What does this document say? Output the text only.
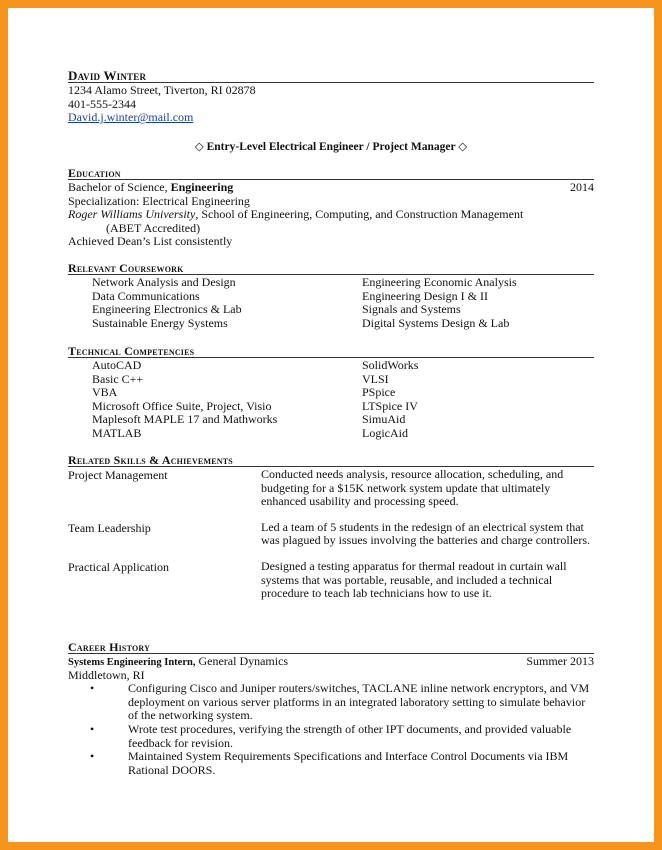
David Winter
1234 Alamo Street, Tiverton, RI 02878
401-555-2344
David.j.winter@mail.com
◇ Entry-Level Electrical Engineer / Project Manager ◇
Education
Bachelor of Science, Engineering	2014
Specialization: Electrical Engineering
Roger Williams University, School of Engineering, Computing, and Construction Management
(ABET Accredited)
Achieved Dean’s List consistently
Relevant Coursework
Network Analysis and Design	Engineering Economic Analysis
Data Communications	Engineering Design I & II
Engineering Electronics & Lab	Signals and Systems
Sustainable Energy Systems	Digital Systems Design & Lab
Technical Competencies
AutoCAD	SolidWorks
Basic C++	VLSI
VBA	PSpice
Microsoft Office Suite, Project, Visio	LTSpice IV
Maplesoft MAPLE 17 and Mathworks	SimuAid
MATLAB	LogicAid
Related Skills & Achievements
Project Management	Conducted needs analysis, resource allocation, scheduling, and budgeting for a $15K network system update that ultimately enhanced usability and processing speed.
Team Leadership	Led a team of 5 students in the redesign of an electrical system that was plagued by issues involving the batteries and charge controllers.
Practical Application	Designed a testing apparatus for thermal readout in curtain wall systems that was portable, reusable, and included a technical procedure to teach lab technicians how to use it.
Career History
Systems Engineering Intern, General Dynamics	Summer 2013
Middletown, RI
• Configuring Cisco and Juniper routers/switches, TACLANE inline network encryptors, and VM deployment on various server platforms in an integrated laboratory setting to simulate behavior of the networking system.
• Wrote test procedures, verifying the strength of other IPT documents, and provided valuable feedback for revision.
• Maintained System Requirements Specifications and Interface Control Documents via IBM Rational DOORS.
